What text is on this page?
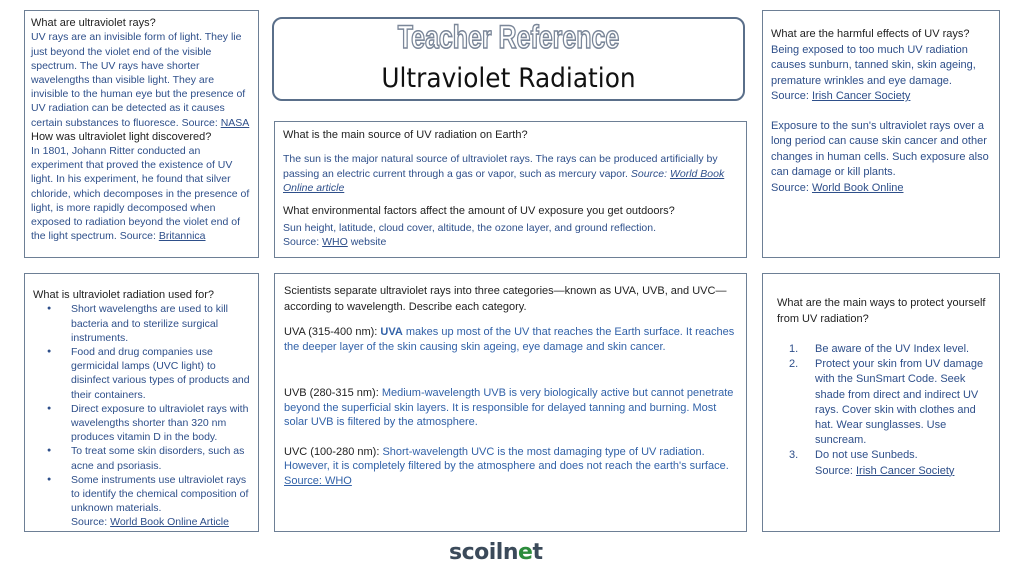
What are ultraviolet rays?
UV rays are an invisible form of light. They lie just beyond the violet end of the visible spectrum. The UV rays have shorter wavelengths than visible light. They are invisible to the human eye but the presence of UV radiation can be detected as it causes certain substances to fluoresce. Source: NASA
How was ultraviolet light discovered?
In 1801, Johann Ritter conducted an experiment that proved the existence of UV light. In his experiment, he found that silver chloride, which decomposes in the presence of light, is more rapidly decomposed when exposed to radiation beyond the violet end of the light spectrum. Source: Britannica
Teacher Reference
Ultraviolet Radiation
What is the main source of UV radiation on Earth?
The sun is the major natural source of ultraviolet rays. The rays can be produced artificially by passing an electric current through a gas or vapor, such as mercury vapor. Source: World Book Online article
What environmental factors affect the amount of UV exposure you get outdoors?
Sun height, latitude, cloud cover, altitude, the ozone layer, and ground reflection.
Source: WHO website
What are the harmful effects of UV rays?
Being exposed to too much UV radiation causes sunburn, tanned skin, skin ageing, premature wrinkles and eye damage.
Source: Irish Cancer Society
Exposure to the sun's ultraviolet rays over a long period can cause skin cancer and other changes in human cells. Such exposure also can damage or kill plants.
Source: World Book Online
What is ultraviolet radiation used for?
● Short wavelengths are used to kill bacteria and to sterilize surgical instruments.
● Food and drug companies use germicidal lamps (UVC light) to disinfect various types of products and their containers.
● Direct exposure to ultraviolet rays with wavelengths shorter than 320 nm produces vitamin D in the body.
● To treat some skin disorders, such as acne and psoriasis.
● Some instruments use ultraviolet rays to identify the chemical composition of unknown materials.
Source: World Book Online Article
Scientists separate ultraviolet rays into three categories—known as UVA, UVB, and UVC—according to wavelength. Describe each category.
UVA (315-400 nm): UVA makes up most of the UV that reaches the Earth surface. It reaches the deeper layer of the skin causing skin ageing, eye damage and skin cancer.
UVB (280-315 nm): Medium-wavelength UVB is very biologically active but cannot penetrate beyond the superficial skin layers. It is responsible for delayed tanning and burning. Most solar UVB is filtered by the atmosphere.
UVC (100-280 nm): Short-wavelength UVC is the most damaging type of UV radiation. However, it is completely filtered by the atmosphere and does not reach the earth's surface. Source: WHO
What are the main ways to protect yourself from UV radiation?
1. Be aware of the UV Index level.
2. Protect your skin from UV damage with the SunSmart Code. Seek shade from direct and indirect UV rays. Cover skin with clothes and hat. Wear sunglasses. Use suncream.
3. Do not use Sunbeds.
Source: Irish Cancer Society
scoilnet
